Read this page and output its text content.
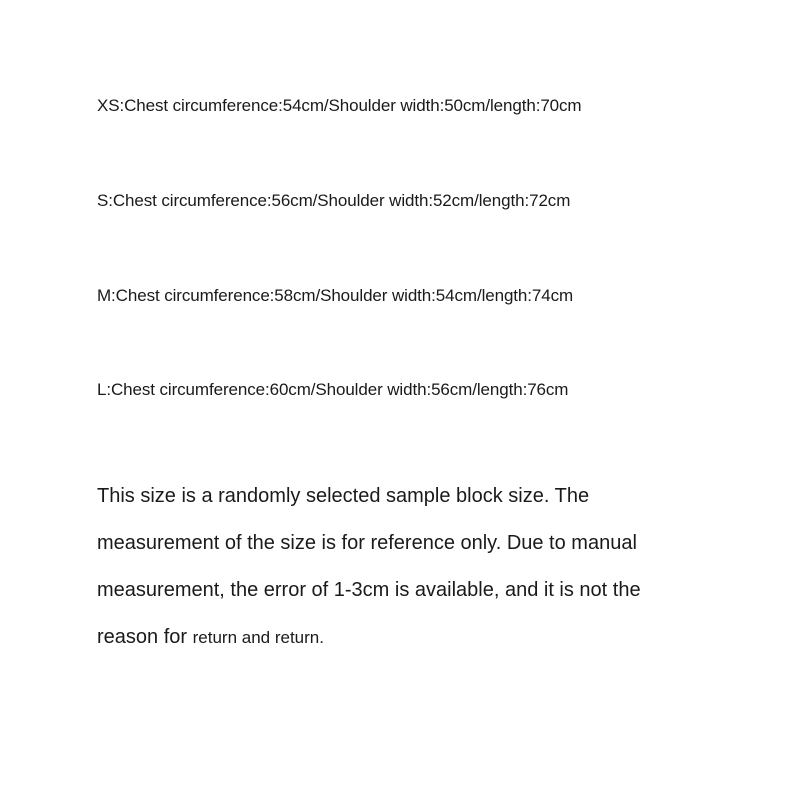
XS:Chest circumference:54cm/Shoulder width:50cm/length:70cm

S:Chest circumference:56cm/Shoulder width:52cm/length:72cm

M:Chest circumference:58cm/Shoulder width:54cm/length:74cm

L:Chest circumference:60cm/Shoulder width:56cm/length:76cm

This size is a randomly selected sample block size. The
measurement of the size is for reference only. Due to manual
measurement, the error of 1-3cm is available, and it is not the
reason for return and return.
